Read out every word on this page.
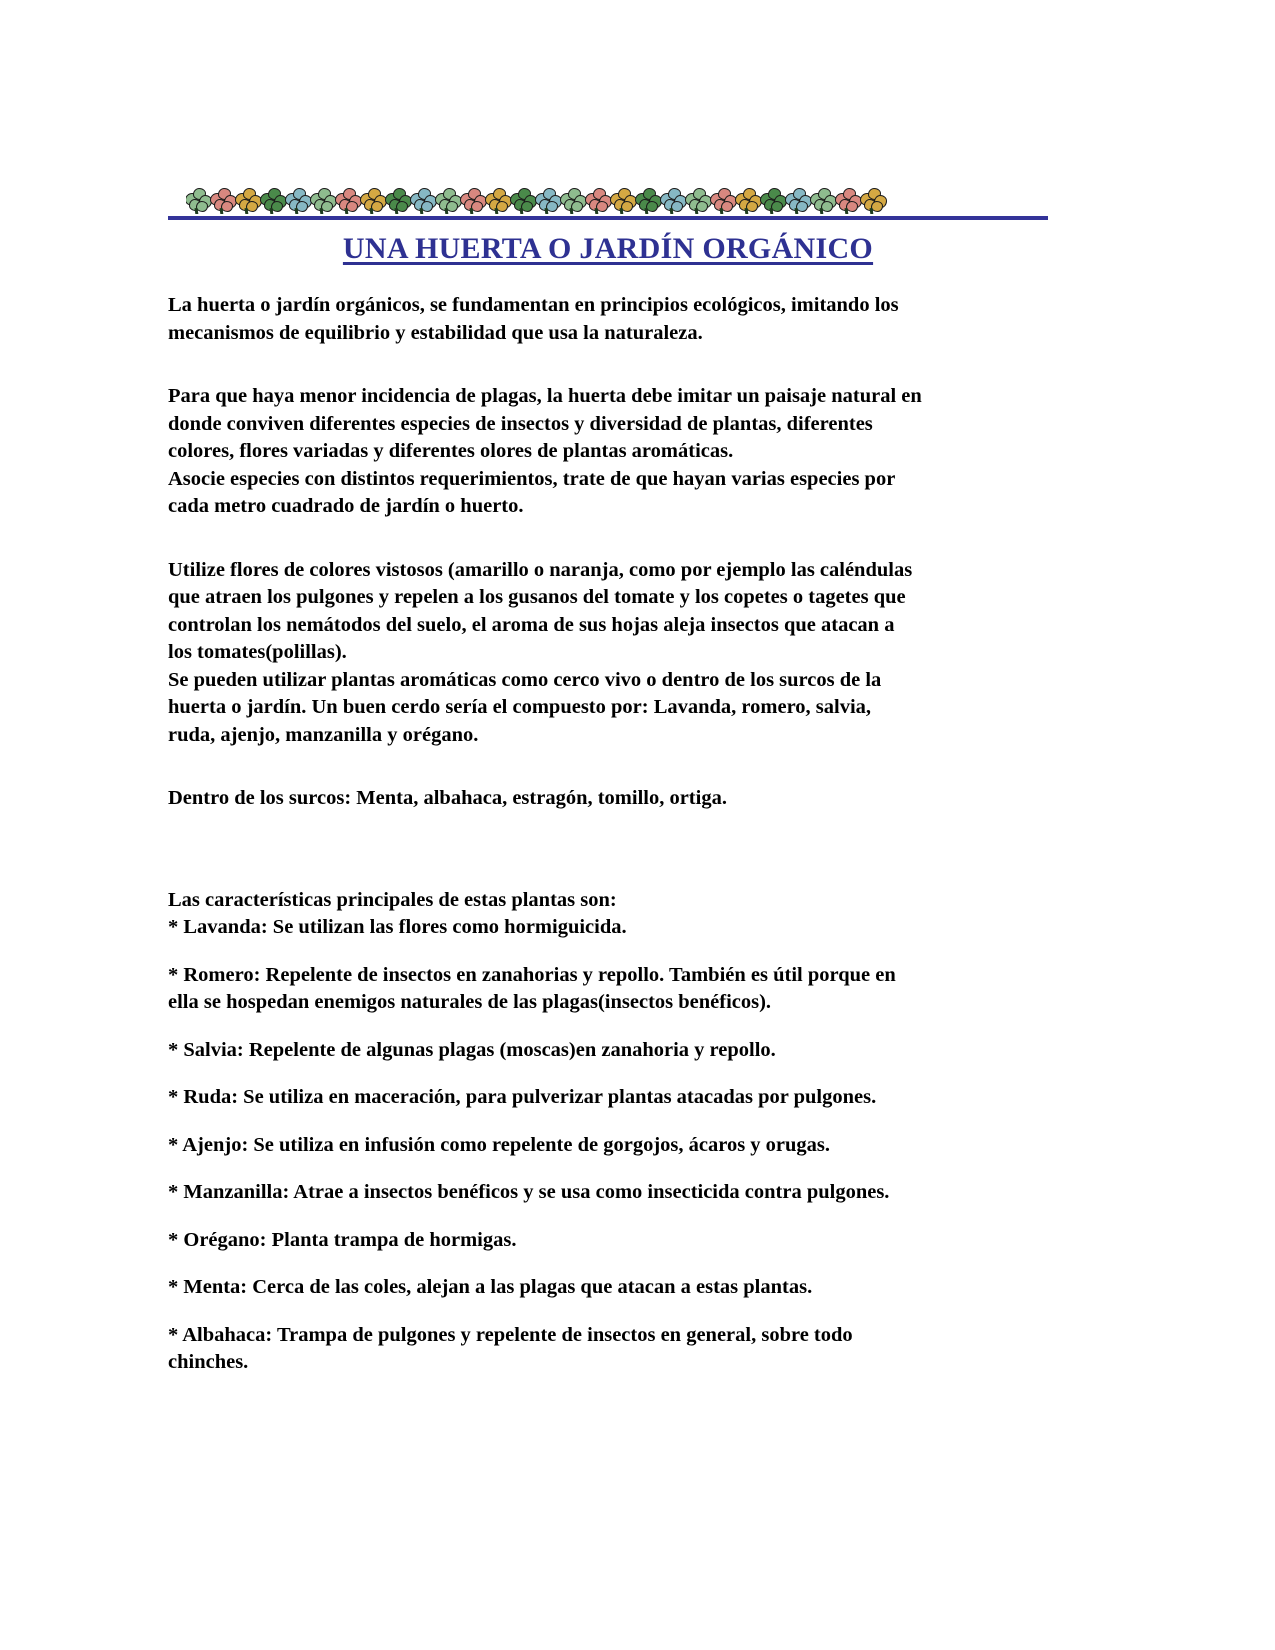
UNA HUERTA O JARDÍN ORGÁNICO

La huerta o jardín orgánicos, se fundamentan en principios ecológicos, imitando los
mecanismos de equilibrio y estabilidad que usa la naturaleza.

Para que haya menor incidencia de plagas, la huerta debe imitar un paisaje natural en
donde conviven diferentes especies de insectos y diversidad de plantas, diferentes
colores, flores variadas y diferentes olores de plantas aromáticas.

Asocie especies con distintos requerimientos, trate de que hayan varias especies por
cada metro cuadrado de jardín o huerto.

Utilize flores de colores vistosos (amarillo o naranja, como por ejemplo las caléndulas
que atraen los pulgones y repelen a los gusanos del tomate y los copetes o tagetes que
controlan los nemátodos del suelo, el aroma de sus hojas aleja insectos que atacan a
los tomates(polillas).

Se pueden utilizar plantas aromáticas como cerco vivo o dentro de los surcos de la
huerta o jardín. Un buen cerdo sería el compuesto por: Lavanda, romero, salvia,
ruda, ajenjo, manzanilla y orégano.

Dentro de los surcos: Menta, albahaca, estragón, tomillo, ortiga.

Las características principales de estas plantas son:

* Lavanda: Se utilizan las flores como hormiguicida.

* Romero: Repelente de insectos en zanahorias y repollo. También es útil porque en
ella se hospedan enemigos naturales de las plagas(insectos benéficos).

* Salvia: Repelente de algunas plagas (moscas)en zanahoria y repollo.

* Ruda: Se utiliza en maceración, para pulverizar plantas atacadas por pulgones.

* Ajenjo: Se utiliza en infusión como repelente de gorgojos, ácaros y orugas.

* Manzanilla: Atrae a insectos benéficos y se usa como insecticida contra pulgones.

* Orégano: Planta trampa de hormigas.

* Menta: Cerca de las coles, alejan a las plagas que atacan a estas plantas.

* Albahaca: Trampa de pulgones y repelente de insectos en general, sobre todo
chinches.
